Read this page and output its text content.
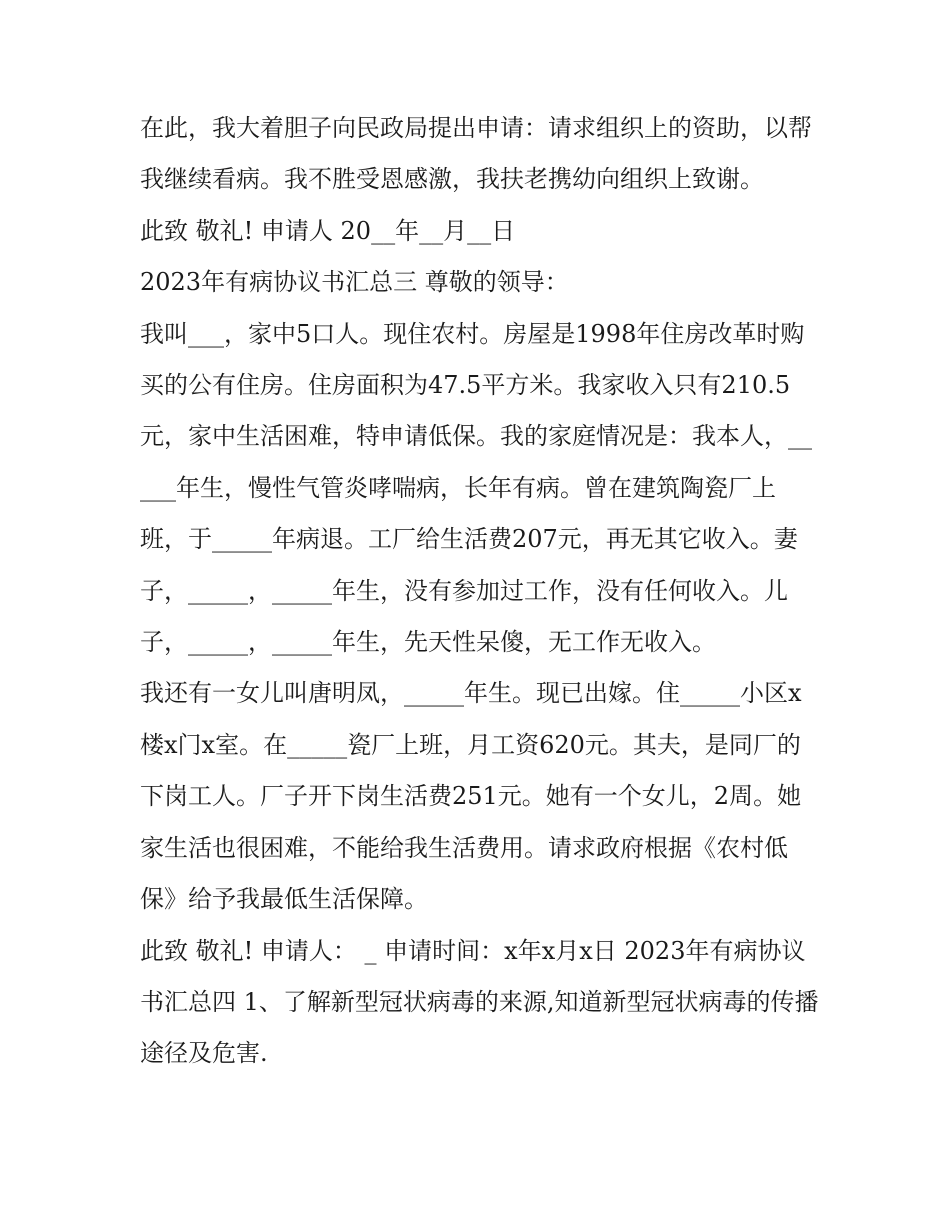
在此，我大着胆子向民政局提出申请：请求组织上的资助，以帮我继续看病。我不胜受恩感激，我扶老携幼向组织上致谢。

此致 敬礼! 申请人 20__年__月__日

2023年有病协议书汇总三 尊敬的领导：

我叫___，家中5口人。现住农村。房屋是1998年住房改革时购买的公有住房。住房面积为47.5平方米。我家收入只有210.5元，家中生活困难，特申请低保。我的家庭情况是：我本人，_____年生，慢性气管炎哮喘病，长年有病。曾在建筑陶瓷厂上班，于_____年病退。工厂给生活费207元，再无其它收入。妻子，_____，_____年生，没有参加过工作，没有任何收入。儿子，_____，_____年生，先天性呆傻，无工作无收入。

我还有一女儿叫唐明凤，_____年生。现已出嫁。住_____小区x楼x门x室。在_____瓷厂上班，月工资620元。其夫，是同厂的下岗工人。厂子开下岗生活费251元。她有一个女儿，2周。她家生活也很困难，不能给我生活费用。请求政府根据《农村低保》给予我最低生活保障。

此致 敬礼! 申请人： _ 申请时间：x年x月x日 2023年有病协议书汇总四 1、了解新型冠状病毒的来源,知道新型冠状病毒的传播途径及危害.
